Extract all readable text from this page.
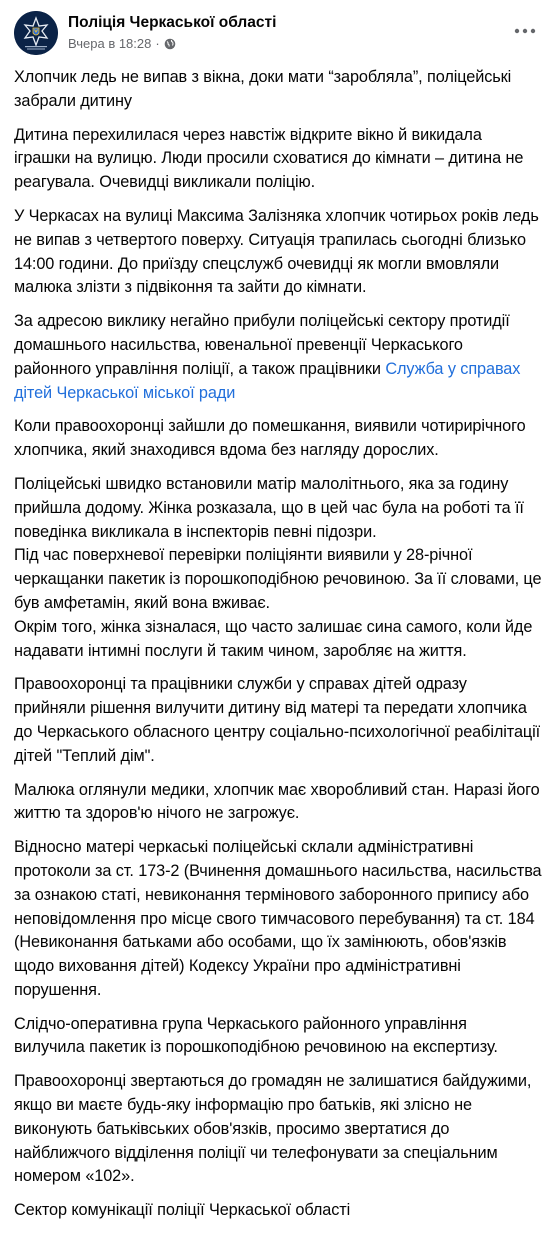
Поліція Черкаської області
Вчера в 18:28 ·

Хлопчик ледь не випав з вікна, доки мати “заробляла”, поліцейські забрали дитину

Дитина перехилилася через навстіж відкрите вікно й викидала іграшки на вулицю. Люди просили сховатися до кімнати – дитина не реагувала. Очевидці викликали поліцію.

У Черкасах на вулиці Максима Залізняка хлопчик чотирьох років ледь не випав з четвертого поверху. Ситуація трапилась сьогодні близько 14:00 години. До приїзду спецслужб очевидці як могли вмовляли малюка злізти з підвіконня та зайти до кімнати.

За адресою виклику негайно прибули поліцейські сектору протидії домашнього насильства, ювенальної превенції Черкаського районного управління поліції, а також працівники Служба у справах дітей Черкаської міської ради

Коли правоохоронці зайшли до помешкання, виявили чотирирічного хлопчика, який знаходився вдома без нагляду дорослих.

Поліцейські швидко встановили матір малолітнього, яка за годину прийшла додому. Жінка розказала, що в цей час була на роботі та її поведінка викликала в інспекторів певні підозри.
Під час поверхневої перевірки поліціянти виявили у 28-річної черкащанки пакетик із порошкоподібною речовиною. За її словами, це був амфетамін, який вона вживає.
Окрім того, жінка зізналася, що часто залишає сина самого, коли йде надавати інтимні послуги й таким чином, заробляє на життя.

Правоохоронці та працівники служби у справах дітей одразу прийняли рішення вилучити дитину від матері та передати хлопчика до Черкаського обласного центру соціально-психологічної реабілітації дітей "Теплий дім".

Малюка оглянули медики, хлопчик має хворобливий стан. Наразі його життю та здоров'ю нічого не загрожує.

Відносно матері черкаські поліцейські склали адміністративні протоколи за ст. 173-2 (Вчинення домашнього насильства, насильства за ознакою статі, невиконання термінового заборонного припису або неповідомлення про місце свого тимчасового перебування) та ст. 184 (Невиконання батьками або особами, що їх замінюють, обов'язків щодо виховання дітей) Кодексу України про адміністративні порушення.

Слідчо-оперативна група Черкаського районного управління вилучила пакетик із порошкоподібною речовиною на експертизу.

Правоохоронці звертаються до громадян не залишатися байдужими, якщо ви маєте будь-яку інформацію про батьків, які злісно не виконують батьківських обов'язків, просимо звертатися до найближчого відділення поліції чи телефонувати за спеціальним номером «102».

Сектор комунікації поліції Черкаської області
